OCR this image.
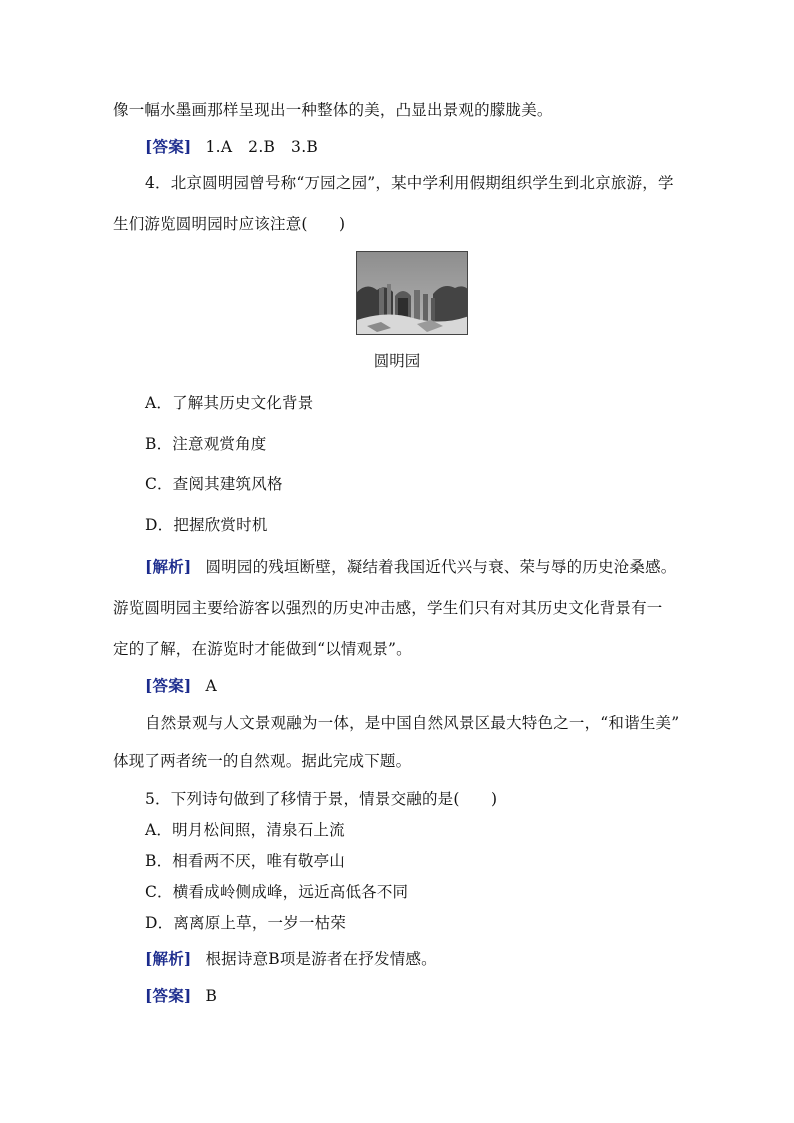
像一幅水墨画那样呈现出一种整体的美，凸显出景观的朦胧美。
[答案] 1.A　2.B　3.B
4．北京圆明园曾号称“万园之园”，某中学利用假期组织学生到北京旅游，学
生们游览圆明园时应该注意(　　)
圆明园
A．了解其历史文化背景
B．注意观赏角度
C．查阅其建筑风格
D．把握欣赏时机
[解析] 圆明园的残垣断壁，凝结着我国近代兴与衰、荣与辱的历史沧桑感。
游览圆明园主要给游客以强烈的历史冲击感，学生们只有对其历史文化背景有一
定的了解，在游览时才能做到“以情观景”。
[答案] A
自然景观与人文景观融为一体，是中国自然风景区最大特色之一，“和谐生美”
体现了两者统一的自然观。据此完成下题。
5．下列诗句做到了移情于景，情景交融的是(　　)
A．明月松间照，清泉石上流
B．相看两不厌，唯有敬亭山
C．横看成岭侧成峰，远近高低各不同
D．离离原上草，一岁一枯荣
[解析] 根据诗意B项是游者在抒发情感。
[答案] B
